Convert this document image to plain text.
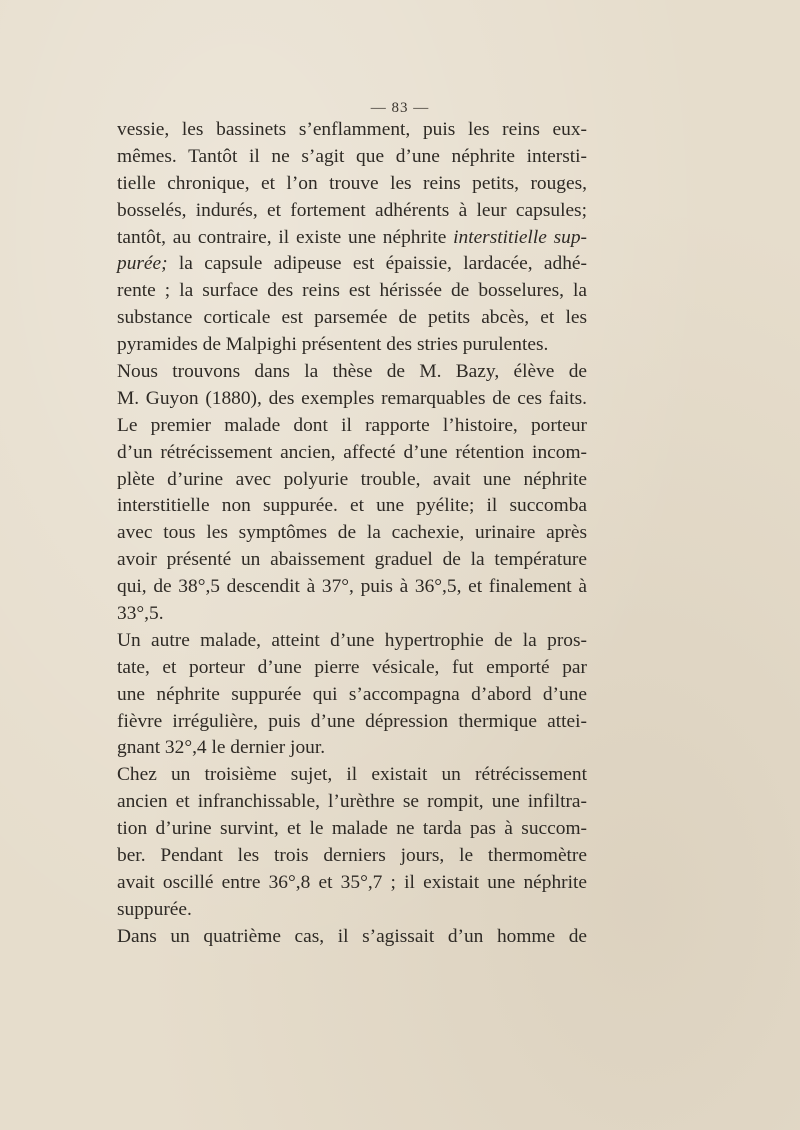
— 83 —
vessie, les bassinets s’enflamment, puis les reins eux-
mêmes. Tantôt il ne s’agit que d’une néphrite intersti-
tielle chronique, et l’on trouve les reins petits, rouges,
bosselés, indurés, et fortement adhérents à leur capsules;
tantôt, au contraire, il existe une néphrite interstitielle sup-
purée; la capsule adipeuse est épaissie, lardacée, adhé-
rente ; la surface des reins est hérissée de bosselures, la
substance corticale est parsemée de petits abcès, et les
pyramides de Malpighi présentent des stries purulentes.
Nous trouvons dans la thèse de M. Bazy, élève de
M. Guyon (1880), des exemples remarquables de ces faits.
Le premier malade dont il rapporte l’histoire, porteur
d’un rétrécissement ancien, affecté d’une rétention incom-
plète d’urine avec polyurie trouble, avait une néphrite
interstitielle non suppurée. et une pyélite; il succomba
avec tous les symptômes de la cachexie, urinaire après
avoir présenté un abaissement graduel de la température
qui, de 38°,5 descendit à 37°, puis à 36°,5, et finalement à
33°,5.
Un autre malade, atteint d’une hypertrophie de la pros-
tate, et porteur d’une pierre vésicale, fut emporté par
une néphrite suppurée qui s’accompagna d’abord d’une
fièvre irrégulière, puis d’une dépression thermique attei-
gnant 32°,4 le dernier jour.
Chez un troisième sujet, il existait un rétrécissement
ancien et infranchissable, l’urèthre se rompit, une infiltra-
tion d’urine survint, et le malade ne tarda pas à succom-
ber. Pendant les trois derniers jours, le thermomètre
avait oscillé entre 36°,8 et 35°,7 ; il existait une néphrite
suppurée.
Dans un quatrième cas, il s’agissait d’un homme de
